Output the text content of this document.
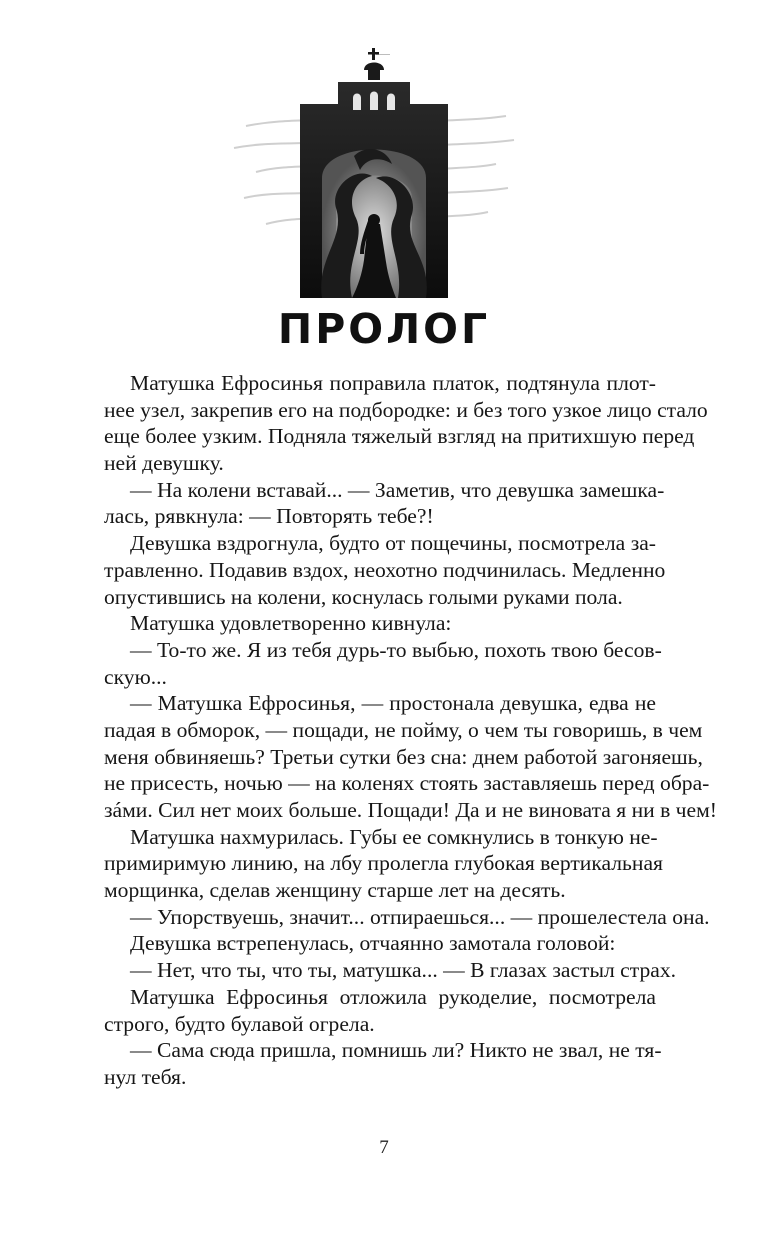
ПРОЛОГ
Матушка Ефросинья поправила платок, подтянула плот-
нее узел, закрепив его на подбородке: и без того узкое лицо стало
еще более узким. Подняла тяжелый взгляд на притихшую перед
ней девушку.
— На колени вставай... — Заметив, что девушка замешка-
лась, рявкнула: — Повторять тебе?!
Девушка вздрогнула, будто от пощечины, посмотрела за-
травленно. Подавив вздох, неохотно подчинилась. Медленно
опустившись на колени, коснулась голыми руками пола.
Матушка удовлетворенно кивнула:
— То-то же. Я из тебя дурь-то выбью, похоть твою бесов-
скую...
— Матушка Ефросинья, — простонала девушка, едва не
падая в обморок, — пощади, не пойму, о чем ты говоришь, в чем
меня обвиняешь? Третьи сутки без сна: днем работой загоняешь,
не присесть, ночью — на коленях стоять заставляешь перед обра-
зáми. Сил нет моих больше. Пощади! Да и не виновата я ни в чем!
Матушка нахмурилась. Губы ее сомкнулись в тонкую не-
примиримую линию, на лбу пролегла глубокая вертикальная
морщинка, сделав женщину старше лет на десять.
— Упорствуешь, значит... отпираешься... — прошелестела она.
Девушка встрепенулась, отчаянно замотала головой:
— Нет, что ты, что ты, матушка... — В глазах застыл страх.
Матушка Ефросинья отложила рукоделие, посмотрела
строго, будто булавой огрела.
— Сама сюда пришла, помнишь ли? Никто не звал, не тя-
нул тебя.
7
